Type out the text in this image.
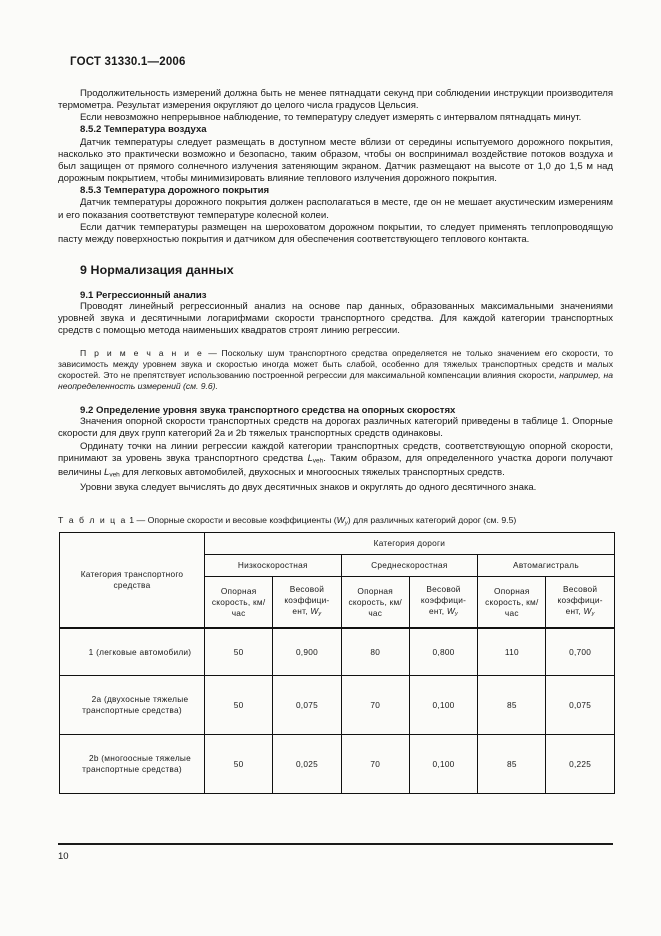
ГОСТ 31330.1—2006

Продолжительность измерений должна быть не менее пятнадцати секунд при соблюдении инструкции производителя термометра. Результат измерения округляют до целого числа градусов Цельсия.

Если невозможно непрерывное наблюдение, то температуру следует измерять с интервалом пятнадцать минут.

8.5.2 Температура воздуха

Датчик температуры следует размещать в доступном месте вблизи от середины испытуемого дорожного покрытия, насколько это практически возможно и безопасно, таким образом, чтобы он воспринимал воздействие потоков воздуха и был защищен от прямого солнечного излучения затеняющим экраном. Датчик размещают на высоте от 1,0 до 1,5 м над дорожным покрытием, чтобы минимизировать влияние теплового излучения дорожного покрытия.

8.5.3 Температура дорожного покрытия

Датчик температуры дорожного покрытия должен располагаться в месте, где он не мешает акустическим измерениям и его показания соответствуют температуре колесной колеи.

Если датчик температуры размещен на шероховатом дорожном покрытии, то следует применять теплопроводящую пасту между поверхностью покрытия и датчиком для обеспечения соответствующего теплового контакта.

9 Нормализация данных
9.1 Регрессионный анализ

Проводят линейный регрессионный анализ на основе пар данных, образованных максимальными значениями уровней звука и десятичными логарифмами скорости транспортного средства. Для каждой категории транспортных средств с помощью метода наименьших квадратов строят линию регрессии.

П р и м е ч а н и е — Поскольку шум транспортного средства определяется не только значением его скорости, то зависимость между уровнем звука и скоростью иногда может быть слабой, особенно для тяжелых транспортных средств и малых скоростей. Это не препятствует использованию построенной регрессии для максимальной компенсации влияния скорости, например, на неопределенность измерений (см. 9.6).

9.2 Определение уровня звука транспортного средства на опорных скоростях

Значения опорной скорости транспортных средств на дорогах различных категорий приведены в таблице 1. Опорные скорости для двух групп категорий 2а и 2b тяжелых транспортных средств одинаковы.

Ординату точки на линии регрессии каждой категории транспортных средств, соответствующую опорной скорости, принимают за уровень звука транспортного средства $L_{veh}$. Таким образом, для определенного участка дороги получают величины $L_{veh}$ для легковых автомобилей, двухосных и многоосных тяжелых транспортных средств.

Уровни звука следует вычислять до двух десятичных знаков и округлять до одного десятичного знака.

Т а б л и ц а 1 — Опорные скорости и весовые коэффициенты $(W_y)$ для различных категорий дорог (см. 9.5)
Категория транспортного средства	Категория дороги					
	Низкоскоростная		Среднескоростная		Автомагистраль	
	Опорная скорость, км/час	Весовой коэффици-ент, $W_y$	Опорная скорость, км/час	Весовой коэффици-ент, $W_y$	Опорная скорость, км/час	Весовой коэффици-ент, $W_y$

1 (легковые автомобили)	50	0,900	80	0,800	110	0,700

2a (двухосные тяжелые транспортные средства)	50	0,075	70	0,100	85	0,075

2b (многоосные тяжелые транспортные средства)	50	0,025	70	0,100	85	0,225
10
